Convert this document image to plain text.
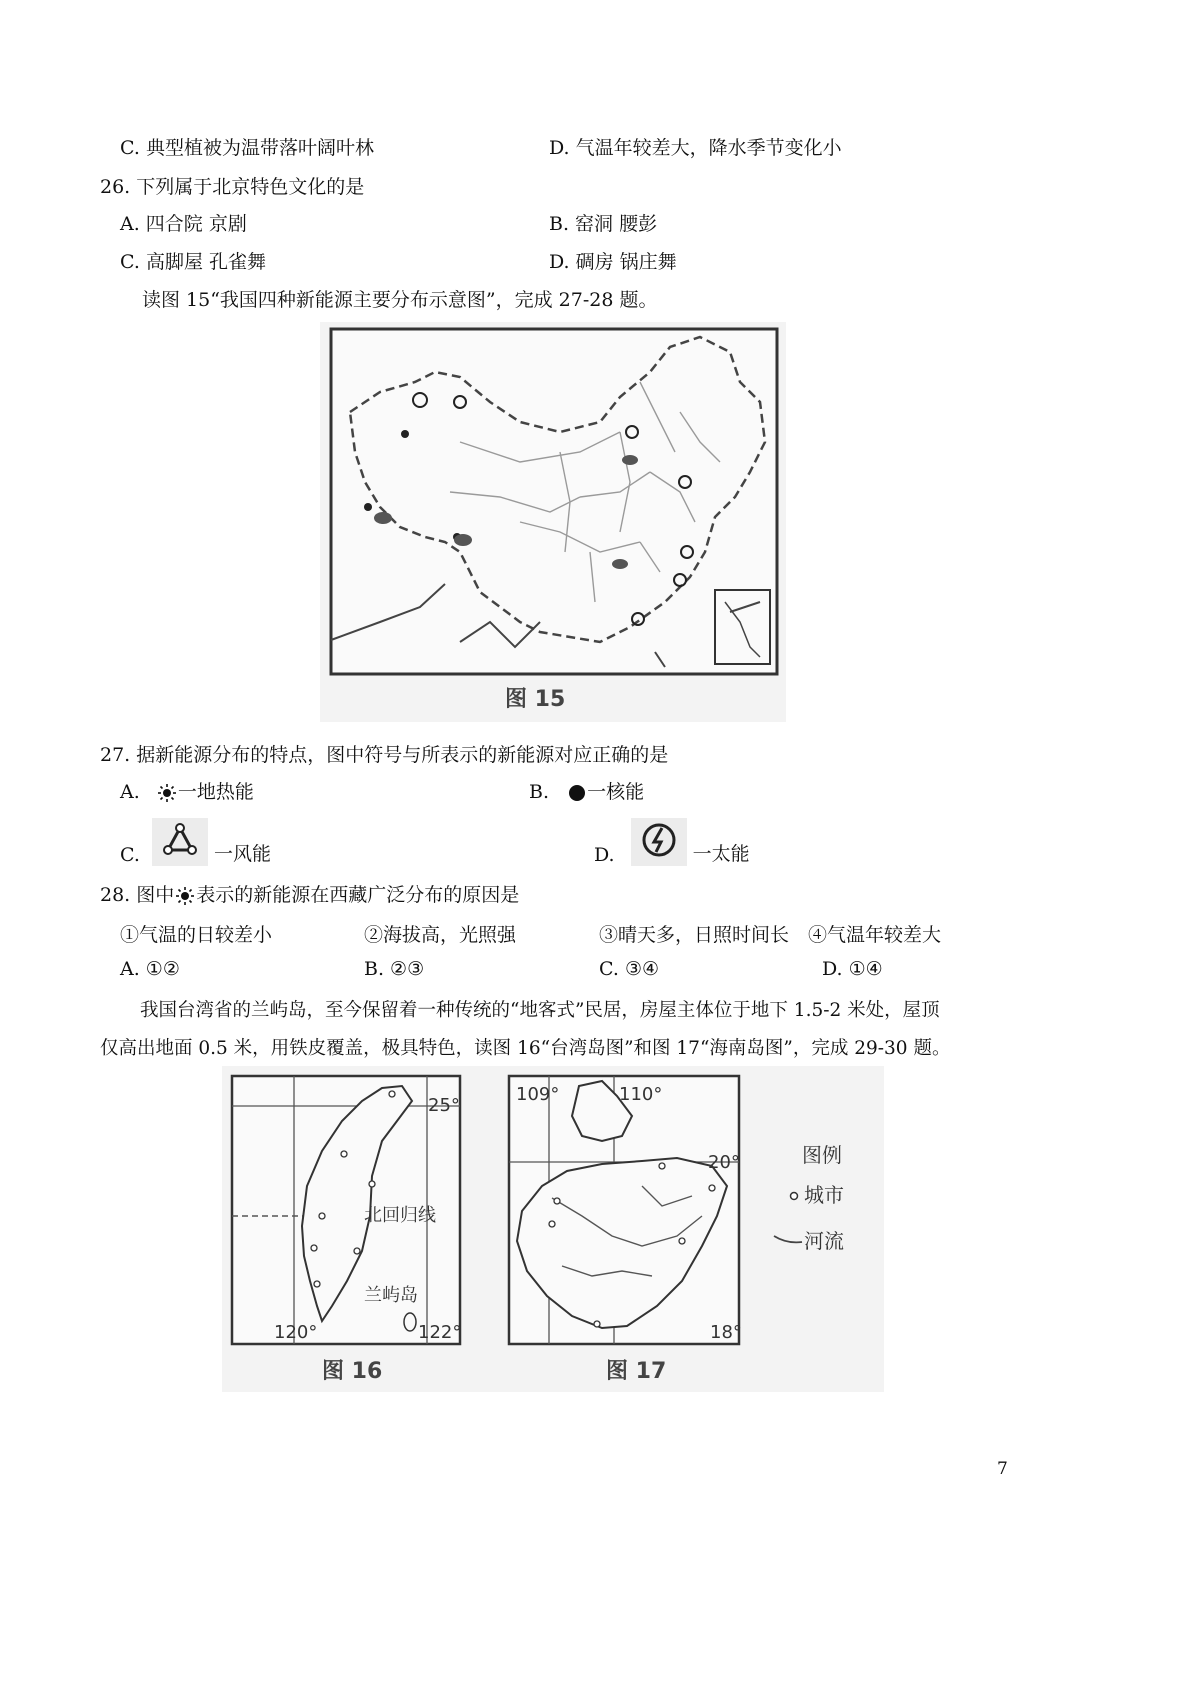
C. 典型植被为温带落叶阔叶林	D. 气温年较差大，降水季节变化小
26. 下列属于北京特色文化的是
A. 四合院 京剧	B. 窑洞 腰彭
C. 高脚屋 孔雀舞	D. 碉房 锅庄舞
读图 15“我国四种新能源主要分布示意图”，完成 27-28 题。
图 15
27. 据新能源分布的特点，图中符号与所表示的新能源对应正确的是
A. 一地热能	B. 一核能
C.	一风能	D.	一太能
28. 图中 表示的新能源在西藏广泛分布的原因是
①气温的日较差小	②海拔高，光照强	③晴天多，日照时间长 ④气温年较差大
A. ①②	B. ②③	C. ③④	D. ①④
我国台湾省的兰屿岛，至今保留着一种传统的“地客式”民居，房屋主体位于地下 1.5-2 米处，屋顶
仅高出地面 0.5 米，用铁皮覆盖，极具特色，读图 16“台湾岛图”和图 17“海南岛图”，完成 29-30 题。
25°
北回归线
兰屿岛
120°	122°
图 16
109°	110°
20°
18°
图 17
图例
城市
河流
7
